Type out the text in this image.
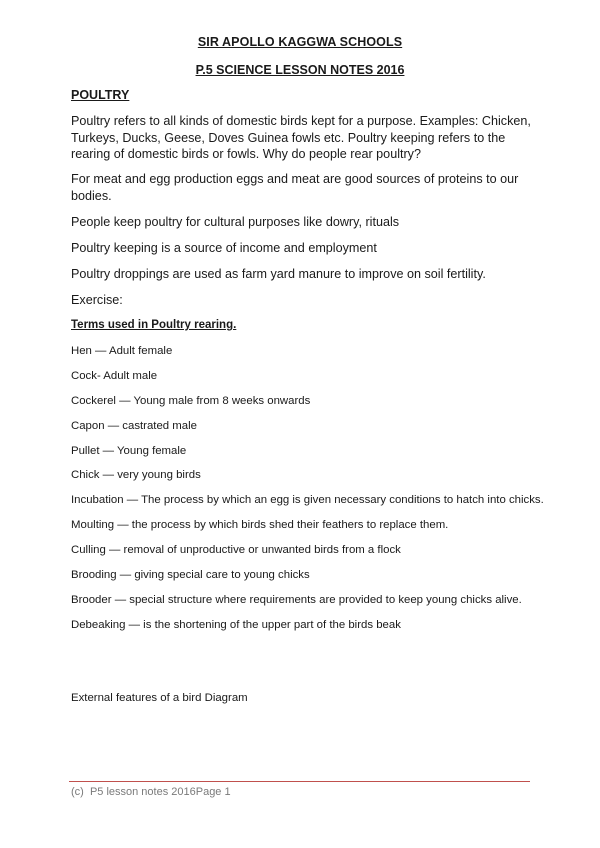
SIR APOLLO KAGGWA SCHOOLS
P.5 SCIENCE LESSON NOTES 2016
POULTRY
Poultry refers to all kinds of domestic birds kept for a purpose. Examples: Chicken, Turkeys, Ducks, Geese, Doves Guinea fowls etc. Poultry keeping refers to the rearing of domestic birds or fowls. Why do people rear poultry?
For meat and egg production eggs and meat are good sources of proteins to our bodies.
People keep poultry for cultural purposes like dowry, rituals
Poultry keeping is a source of income and employment
Poultry droppings are used as farm yard manure to improve on soil fertility.
Exercise:
Terms used in Poultry rearing.
Hen — Adult female
Cock- Adult male
Cockerel — Young male from 8 weeks onwards
Capon — castrated male
Pullet — Young female
Chick — very young birds
Incubation — The process by which an egg is given necessary conditions to hatch into chicks.
Moulting — the process by which birds shed their feathers to replace them.
Culling — removal of unproductive or unwanted birds from a flock
Brooding — giving special care to young chicks
Brooder — special structure where requirements are provided to keep young chicks alive.
Debeaking — is the shortening of the upper part of the birds beak
External features of a bird Diagram
(c)  P5 lesson notes 2016Page 1
